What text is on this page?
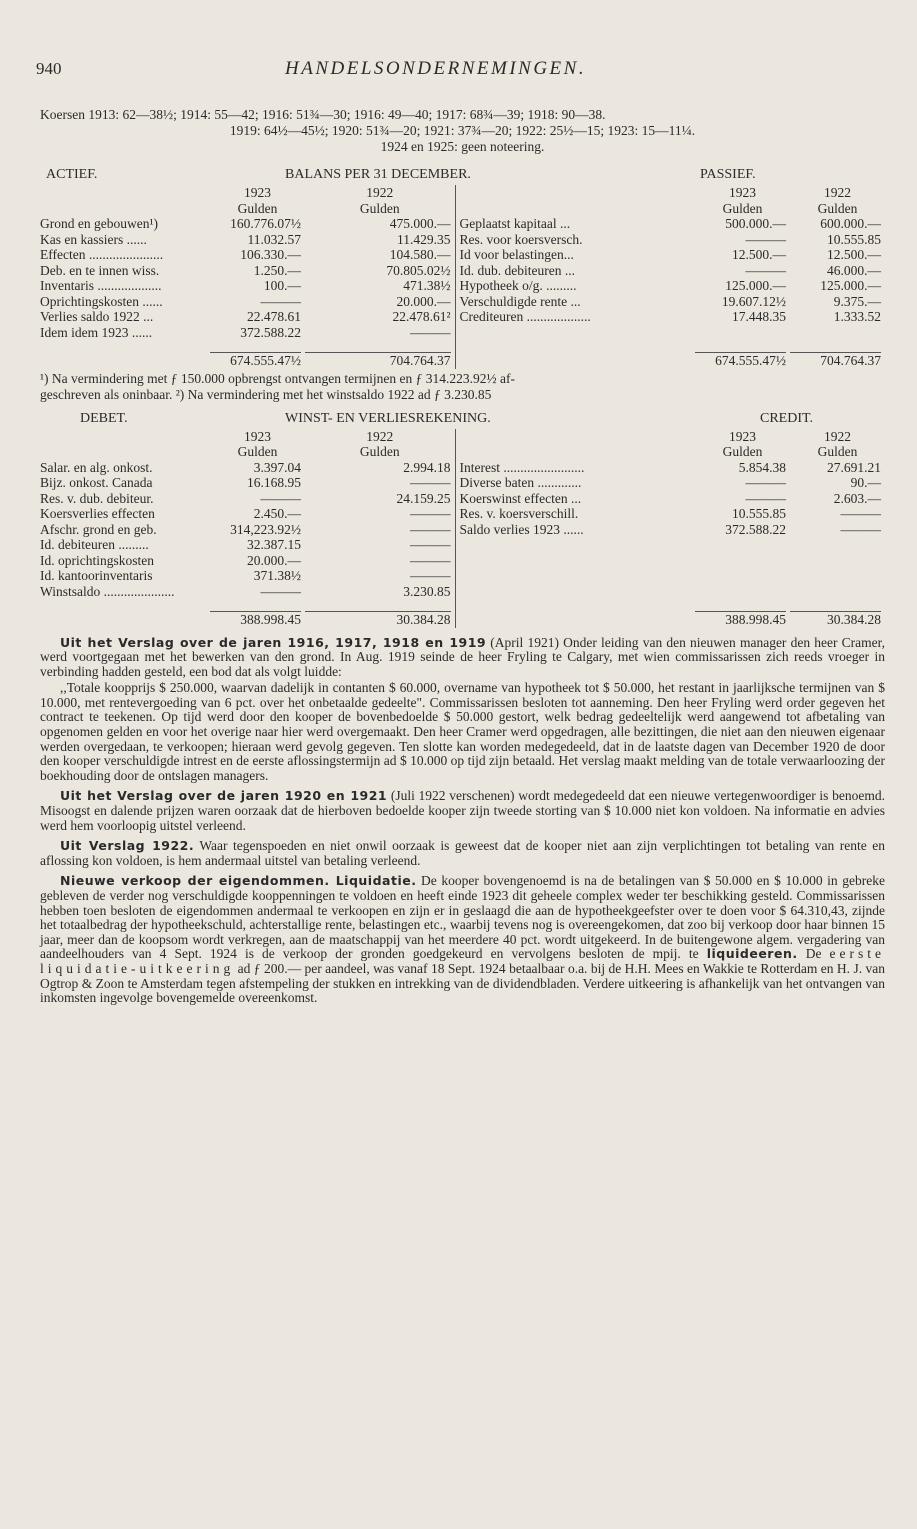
940	HANDELSONDERNEMINGEN.
Koersen 1913: 62—38½; 1914: 55—42; 1916: 51¾—30; 1916: 49—40; 1917: 68¾—39; 1918: 90—38.
1919: 64½—45½; 1920: 51¾—20; 1921: 37¾—20; 1922: 25½—15; 1923: 15—11¼.
1924 en 1925: geen noteering.
ACTIEF.	BALANS PER 31 DECEMBER.	PASSIEF.
	1923	1922		1923	1922
	Gulden	Gulden		Gulden	Gulden
Grond en gebouwen¹)	160.776.07½	475.000.—	Geplaatst kapitaal ...	500.000.—	600.000.—
Kas en kassiers ......	11.032.57	11.429.35	Res. voor koersversch.	———	10.555.85
Effecten ......................	106.330.—	104.580.—	Id voor belastingen...	12.500.—	12.500.—
Deb. en te innen wiss.	1.250.—	70.805.02½	Id. dub. debiteuren ...	———	46.000.—
Inventaris ...................	100.—	471.38½	Hypotheek o/g. .........	125.000.—	125.000.—
Oprichtingskosten ......	———	20.000.—	Verschuldigde rente ...	19.607.12½	9.375.—
Verlies saldo 1922 ...	22.478.61	22.478.61²	Crediteuren ...................	17.448.35	1.333.52
Idem idem 1923 ......	372.588.22	———			

674.555.47½	704.764.37		674.555.47½	704.764.37
¹) Na vermindering met ƒ 150.000 opbrengst ontvangen termijnen en ƒ 314.223.92½ af-
geschreven als oninbaar. ²) Na vermindering met het winstsaldo 1922 ad ƒ 3.230.85
DEBET.	WINST- EN VERLIESREKENING.	CREDIT.
	1923	1922		1923	1922
	Gulden	Gulden		Gulden	Gulden
Salar. en alg. onkost.	3.397.04	2.994.18	Interest ........................	5.854.38	27.691.21
Bijz. onkost. Canada	16.168.95	———	Diverse baten .............	———	90.—
Res. v. dub. debiteur.	———	24.159.25	Koerswinst effecten ...	———	2.603.—
Koersverlies effecten	2.450.—	———	Res. v. koersverschill.	10.555.85	———
Afschr. grond en geb.	314,223.92½	———	Saldo verlies 1923 ......	372.588.22	———
Id. debiteuren .........	32.387.15	———			
Id. oprichtingskosten	20.000.—	———			
Id. kantoorinventaris	371.38½	———			
Winstsaldo .....................	———	3.230.85			

388.998.45	30.384.28		388.998.45	30.384.28
Uit het Verslag over de jaren 1916, 1917, 1918 en 1919 (April 1921) Onder leiding van den nieuwen manager den heer Cramer, werd voortgegaan met het bewerken van den grond. In Aug. 1919 seinde de heer Fryling te Calgary, met wien commissarissen zich reeds vroeger in verbinding hadden gesteld, een bod dat als volgt luidde:
,,Totale koopprijs $ 250.000, waarvan dadelijk in contanten $ 60.000, overname van hypotheek tot $ 50.000, het restant in jaarlijksche termijnen van $ 10.000, met rentevergoeding van 6 pct. over het onbetaalde gedeelte". Commissarissen besloten tot aanneming. Den heer Fryling werd order gegeven het contract te teekenen. Op tijd werd door den kooper de bovenbedoelde $ 50.000 gestort, welk bedrag gedeeltelijk werd aangewend tot afbetaling van opgenomen gelden en voor het overige naar hier werd overgemaakt. Den heer Cramer werd opgedragen, alle bezittingen, die niet aan den nieuwen eigenaar werden overgedaan, te verkoopen; hieraan werd gevolg gegeven. Ten slotte kan worden medegedeeld, dat in de laatste dagen van December 1920 de door den kooper verschuldigde intrest en de eerste aflossingstermijn ad $ 10.000 op tijd zijn betaald. Het verslag maakt melding van de totale verwaarloozing der boekhouding door de ontslagen managers.
Uit het Verslag over de jaren 1920 en 1921 (Juli 1922 verschenen) wordt medegedeeld dat een nieuwe vertegenwoordiger is benoemd. Misoogst en dalende prijzen waren oorzaak dat de hierboven bedoelde kooper zijn tweede storting van $ 10.000 niet kon voldoen. Na informatie en advies werd hem voorloopig uitstel verleend.
Uit Verslag 1922. Waar tegenspoeden en niet onwil oorzaak is geweest dat de kooper niet aan zijn verplichtingen tot betaling van rente en aflossing kon voldoen, is hem andermaal uitstel van betaling verleend.
Nieuwe verkoop der eigendommen. Liquidatie. De kooper bovengenoemd is na de betalingen van $ 50.000 en $ 10.000 in gebreke gebleven de verder nog verschuldigde kooppenningen te voldoen en heeft einde 1923 dit geheele complex weder ter beschikking gesteld. Commissarissen hebben toen besloten de eigendommen andermaal te verkoopen en zijn er in geslaagd die aan de hypotheekgeefster over te doen voor $ 64.310,43, zijnde het totaalbedrag der hypotheekschuld, achterstallige rente, belastingen etc., waarbij tevens nog is overeengekomen, dat zoo bij verkoop door haar binnen 15 jaar, meer dan de koopsom wordt verkregen, aan de maatschappij van het meerdere 40 pct. wordt uitgekeerd. In de buitengewone algem. vergadering van aandeelhouders van 4 Sept. 1924 is de verkoop der gronden goedgekeurd en vervolgens besloten de mpij. te liquideeren. De eerste liquidatie-uitkeering ad ƒ 200.— per aandeel, was vanaf 18 Sept. 1924 betaalbaar o.a. bij de H.H. Mees en Wakkie te Rotterdam en H. J. van Ogtrop & Zoon te Amsterdam tegen afstempeling der stukken en intrekking van de dividendbladen. Verdere uitkeering is afhankelijk van het ontvangen van inkomsten ingevolge bovengemelde overeenkomst.
